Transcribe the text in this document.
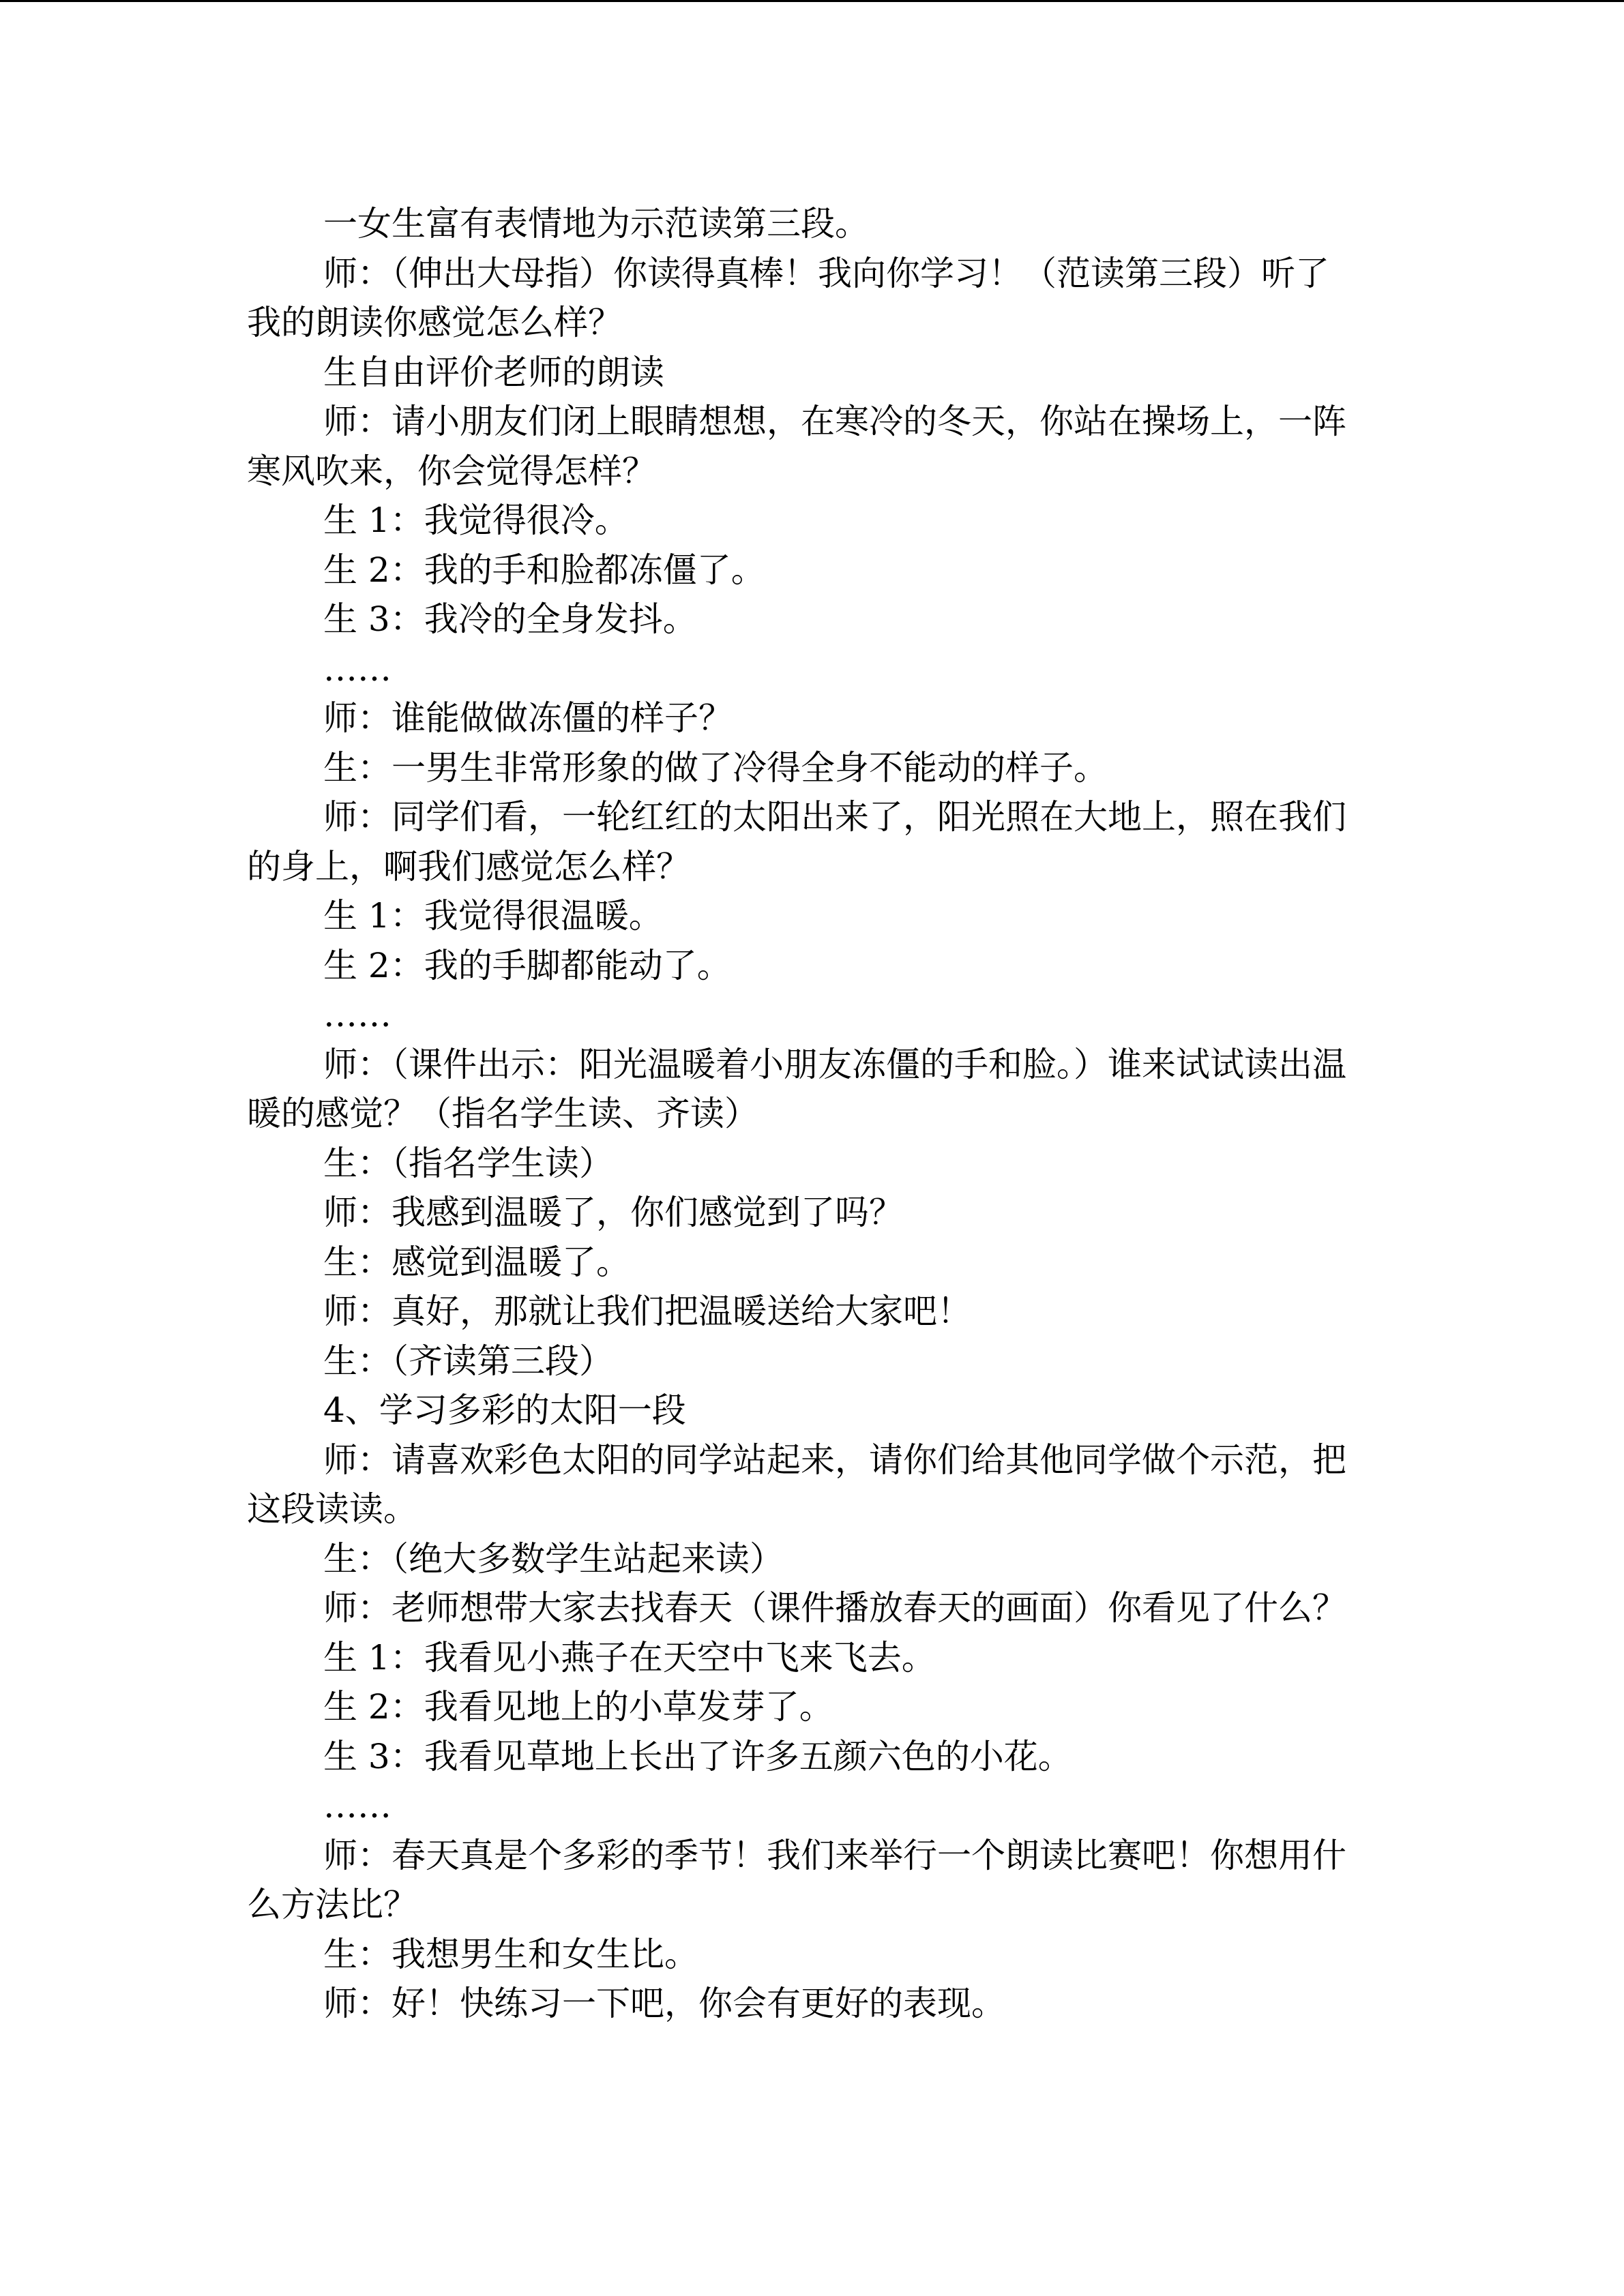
一女生富有表情地为示范读第三段。

师：（伸出大母指）你读得真棒！我向你学习！（范读第三段）听了我的朗读你感觉怎么样？

生自由评价老师的朗读

师：请小朋友们闭上眼睛想想，在寒冷的冬天，你站在操场上，一阵寒风吹来，你会觉得怎样？

生 1：我觉得很冷。

生 2：我的手和脸都冻僵了。

生 3：我冷的全身发抖。

……

师：谁能做做冻僵的样子？

生：一男生非常形象的做了冷得全身不能动的样子。

师：同学们看，一轮红红的太阳出来了，阳光照在大地上，照在我们的身上，啊我们感觉怎么样？

生 1：我觉得很温暖。

生 2：我的手脚都能动了。

……

师：（课件出示：阳光温暖着小朋友冻僵的手和脸。）谁来试试读出温暖的感觉？（指名学生读、齐读）

生：（指名学生读）

师：我感到温暖了，你们感觉到了吗？

生：感觉到温暖了。

师：真好，那就让我们把温暖送给大家吧！

生：（齐读第三段）

4、学习多彩的太阳一段

师：请喜欢彩色太阳的同学站起来，请你们给其他同学做个示范，把这段读读。

生：（绝大多数学生站起来读）

师：老师想带大家去找春天（课件播放春天的画面）你看见了什么？

生 1：我看见小燕子在天空中飞来飞去。

生 2：我看见地上的小草发芽了。

生 3：我看见草地上长出了许多五颜六色的小花。

……

师：春天真是个多彩的季节！我们来举行一个朗读比赛吧！你想用什么方法比？

生：我想男生和女生比。

师：好！快练习一下吧，你会有更好的表现。
